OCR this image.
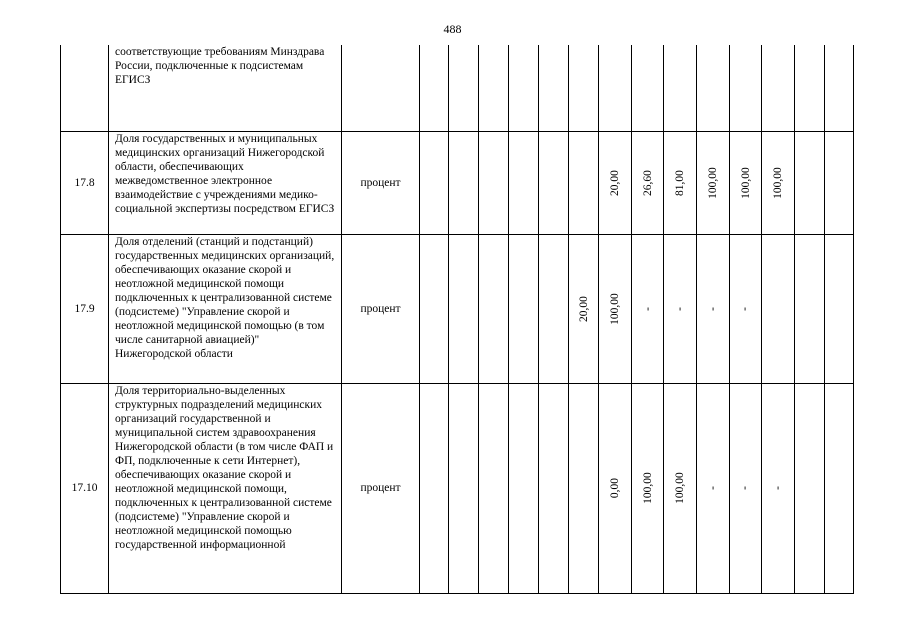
488
	соответствующие требованиям Минздрава России, подключенные к подсистемам ЕГИСЗ															
17.8	Доля государственных и муниципальных медицинских организаций Нижегородской области, обеспечивающих межведомственное электронное взаимодействие с учреждениями медико-социальной экспертизы посредством ЕГИСЗ	процент							20,00	26,60	81,00	100,00	100,00	100,00		
17.9	Доля отделений (станций и подстанций) государственных медицинских организаций, обеспечивающих оказание скорой и неотложной медицинской помощи подключенных к централизованной системе (подсистеме) "Управление скорой и неотложной медицинской помощью (в том числе санитарной авиацией)" Нижегородской области	процент						20,00	100,00	-	-	-	-			
17.10	Доля территориально-выделенных структурных подразделений медицинских организаций государственной и муниципальной систем здравоохранения Нижегородской области (в том числе ФАП и ФП, подключенные к сети Интернет), обеспечивающих оказание скорой и неотложной медицинской помощи, подключенных к централизованной системе (подсистеме) "Управление скорой и неотложной медицинской помощью государственной информационной	процент							0,00	100,00	100,00	-	-	-		
